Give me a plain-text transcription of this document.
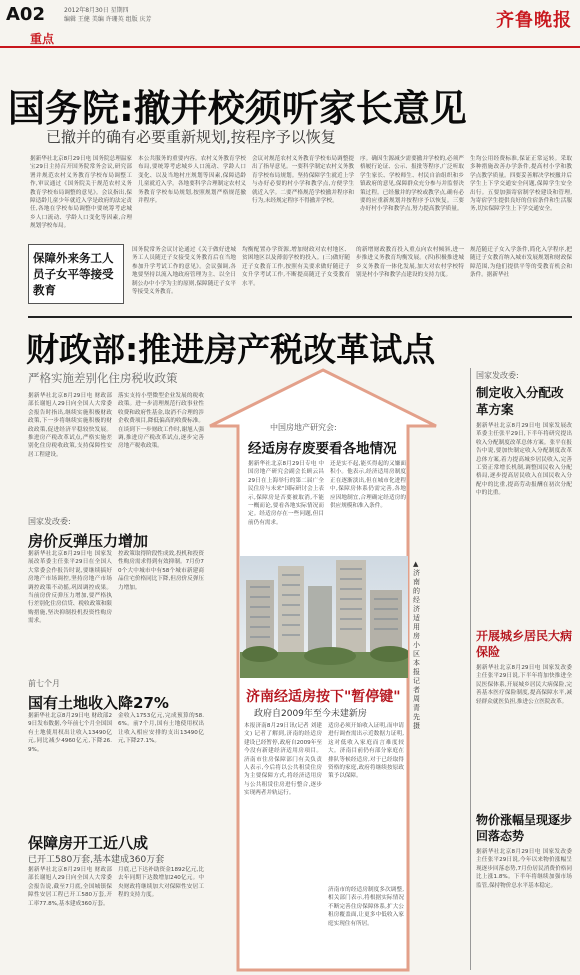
A02	2012年8月30日 星期四
编辑 王健 美编 许珊英 组版 庆芳
重点
齐鲁晚报
国务院:撤并校须听家长意见
已撤并的确有必要重新规划,按程序予以恢复
据新华社北京8月29日电 国务院总理温家宝29日主持召开国务院常务会议,研究部署并规范农村义务教育学校布局调整工作,审议通过《国务院关于规范农村义务教育学校布局调整的意见》。会议指出,保障适龄儿童少年就近入学是政府的法定责任,各地在学校布局调整中要统筹考虑城乡人口流动、学龄人口变化等因素,合理规划学校布局。
本公共服务的重要内容。农村义务教育学校布局,要统筹考虑城乡人口流动、学龄人口变化、以及当地村庄规划等因素,保障适龄儿童就近入学。各地要科学合理制定农村义务教育学校布局规划,按照规划严格规范撤并程序。
会议对规范农村义务教育学校布局调整提出了指导意见。一要科学制定农村义务教育学校布局规划。坚持保障学生就近上学与办好必要的村小学和教学点,方便学生就近入学。二要严格规范学校撤并程序和行为,未经规定程序不得撤并学校。
序。确因生源减少需要撤并学校的,必须严格履行论证、公示、报批等程序,广泛听取学生家长、学校师生、村民自治组织和乡镇政府的意见,保障群众充分参与并监督决策过程。已经撤并的学校或教学点,确有必要的应重新规划并按程序予以恢复。三要办好村小学和教学点,努力提高教学质量。
生均公用经费标准,保证正常运转。采取多种措施改善办学条件,提高村小学和教学点教学质量。四要妥善解决学校撤并后学生上下学交通安全问题,保障学生安全出行。五要加强寄宿制学校建设和管理,为寄宿学生提供良好的住宿条件和生活服务,切实保障学生上下学交通安全。
保障外来务工人员子女平等接受教育
国务院常务会议讨论通过《关于做好进城务工人员随迁子女接受义务教育后在当地参加升学考试工作的意见》。会议强调,各地要坚持以流入地政府管理为主、以全日制公办中小学为主的原则,保障随迁子女平等接受义务教育。
均衡配置办学资源,增加财政对农村地区、贫困地区以及薄弱学校的投入。(三)做好随迁子女教育工作,按照有关要求做好随迁子女升学考试工作,不断提高随迁子女受教育水平。
的新增财政教育投入重点向农村倾斜,进一步推进义务教育均衡发展。(四)积极推进城乡义务教育一体化发展,加大对农村学校特别是村小学和教学点建设的支持力度。
规范随迁子女入学条件,简化入学程序,把随迁子女教育纳入城市发展规划和财政保障范围,为他们提供平等的受教育机会和条件。据新华社
财政部:推进房产税改革试点
严格实施差别化住房税收政策
据新华社北京8月29日电 财政部部长谢旭人29日向全国人大常委会报告时指出,继续实施积极财政政策,下一步将继续实施积极的财政政策,促进经济平稳较快发展。推进房产税改革试点,严格实施差别化住房税收政策,支持保障性安居工程建设。
落实支持小型微型企业发展的税收政策。进一步清理规范行政事业性收费和政府性基金,取消不合理的涉企收费项目,降低偏高的收费标准。在谈到下一步财政工作时,谢旭人强调,推进房产税改革试点,逐步完善房地产税收政策。
国家发改委:
房价反弹压力增加
据新华社北京8月29日电 国家发展改革委主任张平29日在全国人大常委会作报告时说,要继续搞好房地产市场调控,坚持房地产市场调控政策不动摇,巩固调控成果。当前房价反弹压力增加,要严格执行差别化住房信贷、税收政策和限购措施,坚决抑制投机投资性购房需求。
控政策取得阶段性成效,投机和投资性购房需求得到有效抑制。7月份70个大中城市中有58个城市新建商品住宅价格同比下降,但房价反弹压力增加。
前七个月
国有土地收入降27%
据新华社北京8月29日电 财政部29日发布数据,今年前七个月全国国有土地使用权出让收入13490亿元,同比减少4960亿元,下降26.9%。
金收入1753亿元,完成预算的58.6%。前7个月,国有土地使用权出让收入相应安排的支出13490亿元,下降27.1%。
保障房开工近八成
已开工580万套,基本建成360万套
据新华社北京8月29日电 财政部部长谢旭人29日向全国人大常委会报告说,截至7月底,全国城镇保障性安居工程已开工580万套,开工率77.8%,基本建成360万套。
月底,已下达补助资金1892亿元,比去年同期下达数增加240亿元。中央财政将继续加大对保障性安居工程的支持力度。
中国房地产研究会:
经适房存废要看各地情况
据新华社北京8月29日专电 中国房地产研究会副会长顾云昌29日在上海举行的第二届广全民住房与未来"国际研讨会上表示,保障房是否要被取消,不能一概而论,要看各地实际情况而定。经适房存在一些问题,但目前仍有需求。
还是实不起,能买得起的又嫌面积小。他表示,经济适用房制度正在逐渐淡出,但在城市化进程中,保障房体系仍需完善,各地应因地制宜,合理确定经适房的供应规模和准入条件。
▲济南的经济适用房小区 本报记者 周青先 摄
济南经适房按下"暂停键"
政府自2009年至今未建新房
本报济南8月29日讯(记者 刘建文) 记者了解到,济南的经适房建设已经暂停,政府自2009年至今没有新建经济适用房项目。济南市住房保障部门有关负责人表示,今后将以公共租赁住房为主要保障方式,将经济适用房与公共租赁住房进行整合,逐步实现两者并轨运行。
适房必须开始收入证明,而申请进行调查需出示近数据力证明,这对低收入家庭而言难度较大。济南目前仍有部分家庭在排队等候经适房,对于已经取得资格的家庭,政府将继续按原政策予以保障。
济南市的经适房制度多次调整,相关部门表示,将根据实际情况不断完善住房保障体系,扩大公租房覆盖面,让更多中低收入家庭实现住有所居。
国家发改委:
制定收入分配改革方案
据新华社北京8月29日电 国家发展改革委主任张平29日,下半年将研究提出收入分配制度改革总体方案。张平在报告中说,要加快制定收入分配制度改革总体方案,着力提高城乡居民收入,完善工资正常增长机制,调整国民收入分配格局,逐步提高居民收入在国民收入分配中的比重,提高劳动报酬在初次分配中的比重。
开展城乡居民大病保险
据新华社北京8月29日电 国家发改委主任张平29日说,下半年将加快推进全民医保体系,开展城乡居民大病保险,完善基本医疗保险制度,提高保障水平,减轻群众就医负担,推进公立医院改革。
物价涨幅呈现逐步回落态势
据新华社北京8月29日电 国家发改委主任张平29日说,今年以来物价涨幅呈现逐步回落态势,7月份居民消费价格同比上涨1.8%。下半年将继续加强市场监管,保持物价总水平基本稳定。
